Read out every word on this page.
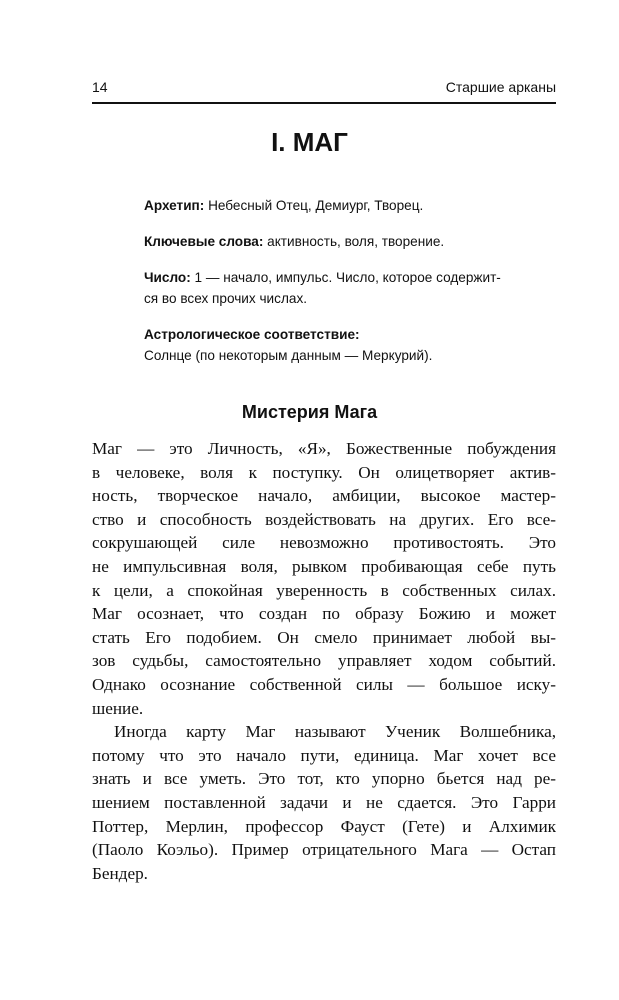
14	Старшие арканы
I. МАГ

Архетип: Небесный Отец, Демиург, Творец.

Ключевые слова: активность, воля, творение.

Число: 1 — начало, импульс. Число, которое содержит-
ся во всех прочих числах.

Астрологическое соответствие:
Солнце (по некоторым данным — Меркурий).

Мистерия Мага
Маг — это Личность, «Я», Божественные побуждения
в человеке, воля к поступку. Он олицетворяет актив-
ность, творческое начало, амбиции, высокое мастер-
ство и способность воздействовать на других. Его все-
сокрушающей силе невозможно противостоять. Это
не импульсивная воля, рывком пробивающая себе путь
к цели, а спокойная уверенность в собственных силах.
Маг осознает, что создан по образу Божию и может
стать Его подобием. Он смело принимает любой вы-
зов судьбы, самостоятельно управляет ходом событий.
Однако осознание собственной силы — большое иску-
шение.
Иногда карту Маг называют Ученик Волшебника,
потому что это начало пути, единица. Маг хочет все
знать и все уметь. Это тот, кто упорно бьется над ре-
шением поставленной задачи и не сдается. Это Гарри
Поттер, Мерлин, профессор Фауст (Гете) и Алхимик
(Паоло Коэльо). Пример отрицательного Мага — Остап
Бендер.
